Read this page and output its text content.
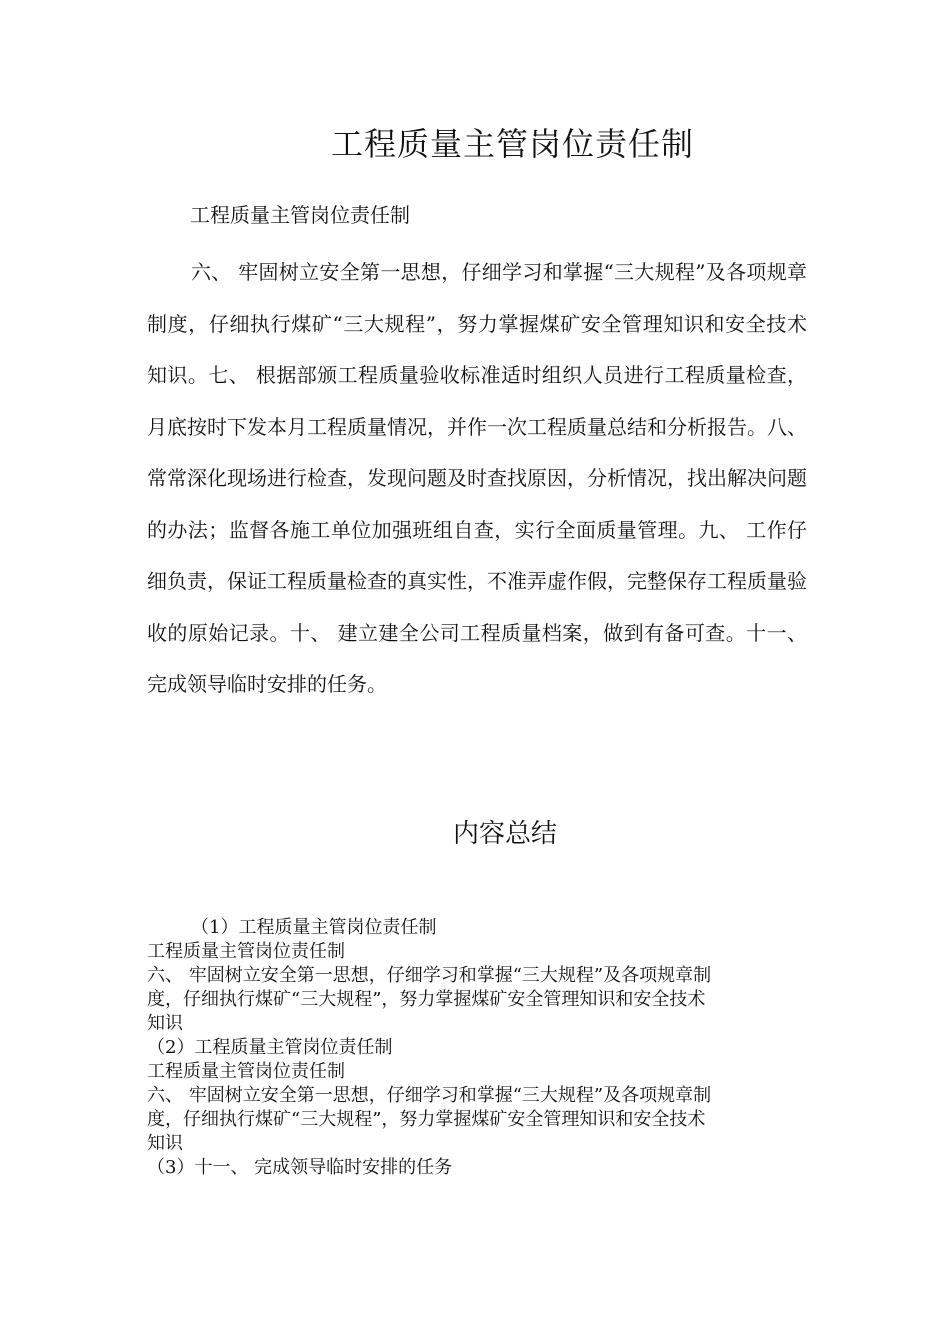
工程质量主管岗位责任制
工程质量主管岗位责任制

六、 牢固树立安全第一思想，仔细学习和掌握“三大规程”及各项规章制度，仔细执行煤矿“三大规程”，努力掌握煤矿安全管理知识和安全技术知识。七、 根据部颁工程质量验收标准适时组织人员进行工程质量检查，月底按时下发本月工程质量情况，并作一次工程质量总结和分析报告。八、 常常深化现场进行检查，发现问题及时查找原因，分析情况，找出解决问题的办法；监督各施工单位加强班组自查，实行全面质量管理。九、 工作仔细负责，保证工程质量检查的真实性，不准弄虚作假，完整保存工程质量验收的原始记录。十、 建立建全公司工程质量档案，做到有备可查。十一、 完成领导临时安排的任务。

内容总结
（1）工程质量主管岗位责任制
工程质量主管岗位责任制
六、 牢固树立安全第一思想，仔细学习和掌握“三大规程”及各项规章制
度，仔细执行煤矿“三大规程”，努力掌握煤矿安全管理知识和安全技术
知识
（2）工程质量主管岗位责任制
工程质量主管岗位责任制
六、 牢固树立安全第一思想，仔细学习和掌握“三大规程”及各项规章制
度，仔细执行煤矿“三大规程”，努力掌握煤矿安全管理知识和安全技术
知识
（3）十一、 完成领导临时安排的任务
